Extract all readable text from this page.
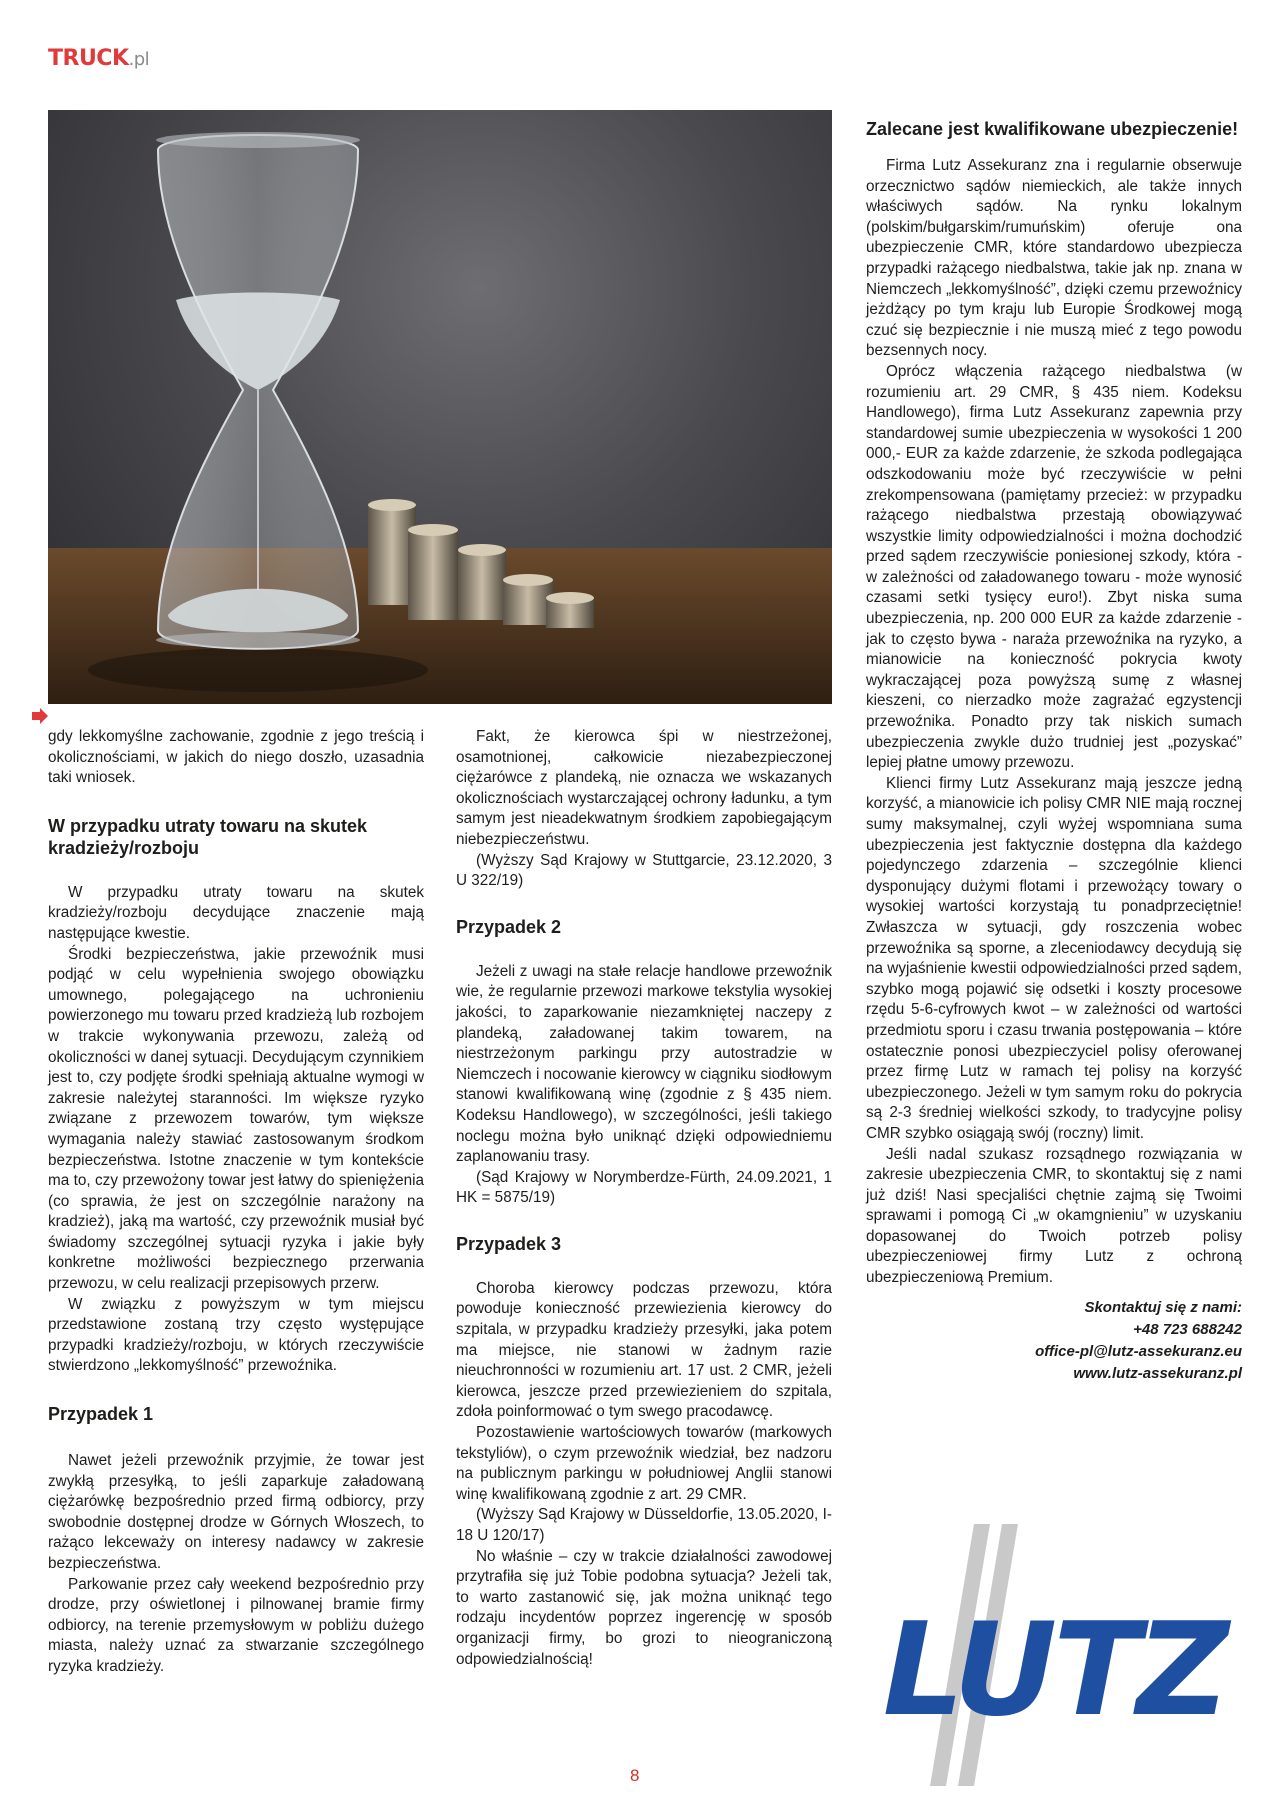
TRUCK.pl

gdy lekkomyślne zachowanie, zgodnie z jego treścią i okolicznościami, w jakich do niego doszło, uzasadnia taki wniosek.

W przypadku utraty towaru na skutek kradzieży/rozboju

W przypadku utraty towaru na skutek kradzieży/rozboju decydujące znaczenie mają następujące kwestie.

Środki bezpieczeństwa, jakie przewoźnik musi podjąć w celu wypełnienia swojego obowiązku umownego, polegającego na uchronieniu powierzonego mu towaru przed kradzieżą lub rozbojem w trakcie wykonywania przewozu, zależą od okoliczności w danej sytuacji. Decydującym czynnikiem jest to, czy podjęte środki spełniają aktualne wymogi w zakresie należytej staranności. Im większe ryzyko związane z przewozem towarów, tym większe wymagania należy stawiać zastosowanym środkom bezpieczeństwa. Istotne znaczenie w tym kontekście ma to, czy przewożony towar jest łatwy do spieniężenia (co sprawia, że jest on szczególnie narażony na kradzież), jaką ma wartość, czy przewoźnik musiał być świadomy szczególnej sytuacji ryzyka i jakie były konkretne możliwości bezpiecznego przerwania przewozu, w celu realizacji przepisowych przerw.

W związku z powyższym w tym miejscu przedstawione zostaną trzy często występujące przypadki kradzieży/rozboju, w których rzeczywiście stwierdzono „lekkomyślność” przewoźnika.

Przypadek 1

Nawet jeżeli przewoźnik przyjmie, że towar jest zwykłą przesyłką, to jeśli zaparkuje załadowaną ciężarówkę bezpośrednio przed firmą odbiorcy, przy swobodnie dostępnej drodze w Górnych Włoszech, to rażąco lekceważy on interesy nadawcy w zakresie bezpieczeństwa.

Parkowanie przez cały weekend bezpośrednio przy drodze, przy oświetlonej i pilnowanej bramie firmy odbiorcy, na terenie przemysłowym w pobliżu dużego miasta, należy uznać za stwarzanie szczególnego ryzyka kradzieży.

Fakt, że kierowca śpi w niestrzeżonej, osamotnionej, całkowicie niezabezpieczonej ciężarówce z plandeką, nie oznacza we wskazanych okolicznościach wystarczającej ochrony ładunku, a tym samym jest nieadekwatnym środkiem zapobiegającym niebezpieczeństwu.

(Wyższy Sąd Krajowy w Stuttgarcie, 23.12.2020, 3 U 322/19)

Przypadek 2

Jeżeli z uwagi na stałe relacje handlowe przewoźnik wie, że regularnie przewozi markowe tekstylia wysokiej jakości, to zaparkowanie niezamkniętej naczepy z plandeką, załadowanej takim towarem, na niestrzeżonym parkingu przy autostradzie w Niemczech i nocowanie kierowcy w ciągniku siodłowym stanowi kwalifikowaną winę (zgodnie z § 435 niem. Kodeksu Handlowego), w szczególności, jeśli takiego noclegu można było uniknąć dzięki odpowiedniemu zaplanowaniu trasy.

(Sąd Krajowy w Norymberdze-Fürth, 24.09.2021, 1 HK = 5875/19)

Przypadek 3

Choroba kierowcy podczas przewozu, która powoduje konieczność przewiezienia kierowcy do szpitala, w przypadku kradzieży przesyłki, jaka potem ma miejsce, nie stanowi w żadnym razie nieuchronności w rozumieniu art. 17 ust. 2 CMR, jeżeli kierowca, jeszcze przed przewiezieniem do szpitala, zdoła poinformować o tym swego pracodawcę.

Pozostawienie wartościowych towarów (markowych tekstyliów), o czym przewoźnik wiedział, bez nadzoru na publicznym parkingu w południowej Anglii stanowi winę kwalifikowaną zgodnie z art. 29 CMR.

(Wyższy Sąd Krajowy w Düsseldorfie, 13.05.2020, I-18 U 120/17)

No właśnie – czy w trakcie działalności zawodowej przytrafiła się już Tobie podobna sytuacja? Jeżeli tak, to warto zastanowić się, jak można uniknąć tego rodzaju incydentów poprzez ingerencję w sposób organizacji firmy, bo grozi to nieograniczoną odpowiedzialnością!

Zalecane jest kwalifikowane ubezpieczenie!

Firma Lutz Assekuranz zna i regularnie obserwuje orzecznictwo sądów niemieckich, ale także innych właściwych sądów. Na rynku lokalnym (polskim/bułgarskim/rumuńskim) oferuje ona ubezpieczenie CMR, które standardowo ubezpiecza przypadki rażącego niedbalstwa, takie jak np. znana w Niemczech „lekkomyślność”, dzięki czemu przewoźnicy jeżdżący po tym kraju lub Europie Środkowej mogą czuć się bezpiecznie i nie muszą mieć z tego powodu bezsennych nocy.

Oprócz włączenia rażącego niedbalstwa (w rozumieniu art. 29 CMR, § 435 niem. Kodeksu Handlowego), firma Lutz Assekuranz zapewnia przy standardowej sumie ubezpieczenia w wysokości 1 200 000,- EUR za każde zdarzenie, że szkoda podlegająca odszkodowaniu może być rzeczywiście w pełni zrekompensowana (pamiętamy przecież: w przypadku rażącego niedbalstwa przestają obowiązywać wszystkie limity odpowiedzialności i można dochodzić przed sądem rzeczywiście poniesionej szkody, która - w zależności od załadowanego towaru - może wynosić czasami setki tysięcy euro!). Zbyt niska suma ubezpieczenia, np. 200 000 EUR za każde zdarzenie - jak to często bywa - naraża przewoźnika na ryzyko, a mianowicie na konieczność pokrycia kwoty wykraczającej poza powyższą sumę z własnej kieszeni, co nierzadko może zagrażać egzystencji przewoźnika. Ponadto przy tak niskich sumach ubezpieczenia zwykle dużo trudniej jest „pozyskać” lepiej płatne umowy przewozu.

Klienci firmy Lutz Assekuranz mają jeszcze jedną korzyść, a mianowicie ich polisy CMR NIE mają rocznej sumy maksymalnej, czyli wyżej wspomniana suma ubezpieczenia jest faktycznie dostępna dla każdego pojedynczego zdarzenia – szczególnie klienci dysponujący dużymi flotami i przewożący towary o wysokiej wartości korzystają tu ponadprzeciętnie! Zwłaszcza w sytuacji, gdy roszczenia wobec przewoźnika są sporne, a zleceniodawcy decydują się na wyjaśnienie kwestii odpowiedzialności przed sądem, szybko mogą pojawić się odsetki i koszty procesowe rzędu 5-6-cyfrowych kwot – w zależności od wartości przedmiotu sporu i czasu trwania postępowania – które ostatecznie ponosi ubezpieczyciel polisy oferowanej przez firmę Lutz w ramach tej polisy na korzyść ubezpieczonego. Jeżeli w tym samym roku do pokrycia są 2-3 średniej wielkości szkody, to tradycyjne polisy CMR szybko osiągają swój (roczny) limit.

Jeśli nadal szukasz rozsądnego rozwiązania w zakresie ubezpieczenia CMR, to skontaktuj się z nami już dziś! Nasi specjaliści chętnie zajmą się Twoimi sprawami i pomogą Ci „w okamgnieniu” w uzyskaniu dopasowanej do Twoich potrzeb polisy ubezpieczeniowej firmy Lutz z ochroną ubezpieczeniową Premium.

Skontaktuj się z nami:
+48 723 688242
office-pl@lutz-assekuranz.eu
www.lutz-assekuranz.pl
LUTZ
8
